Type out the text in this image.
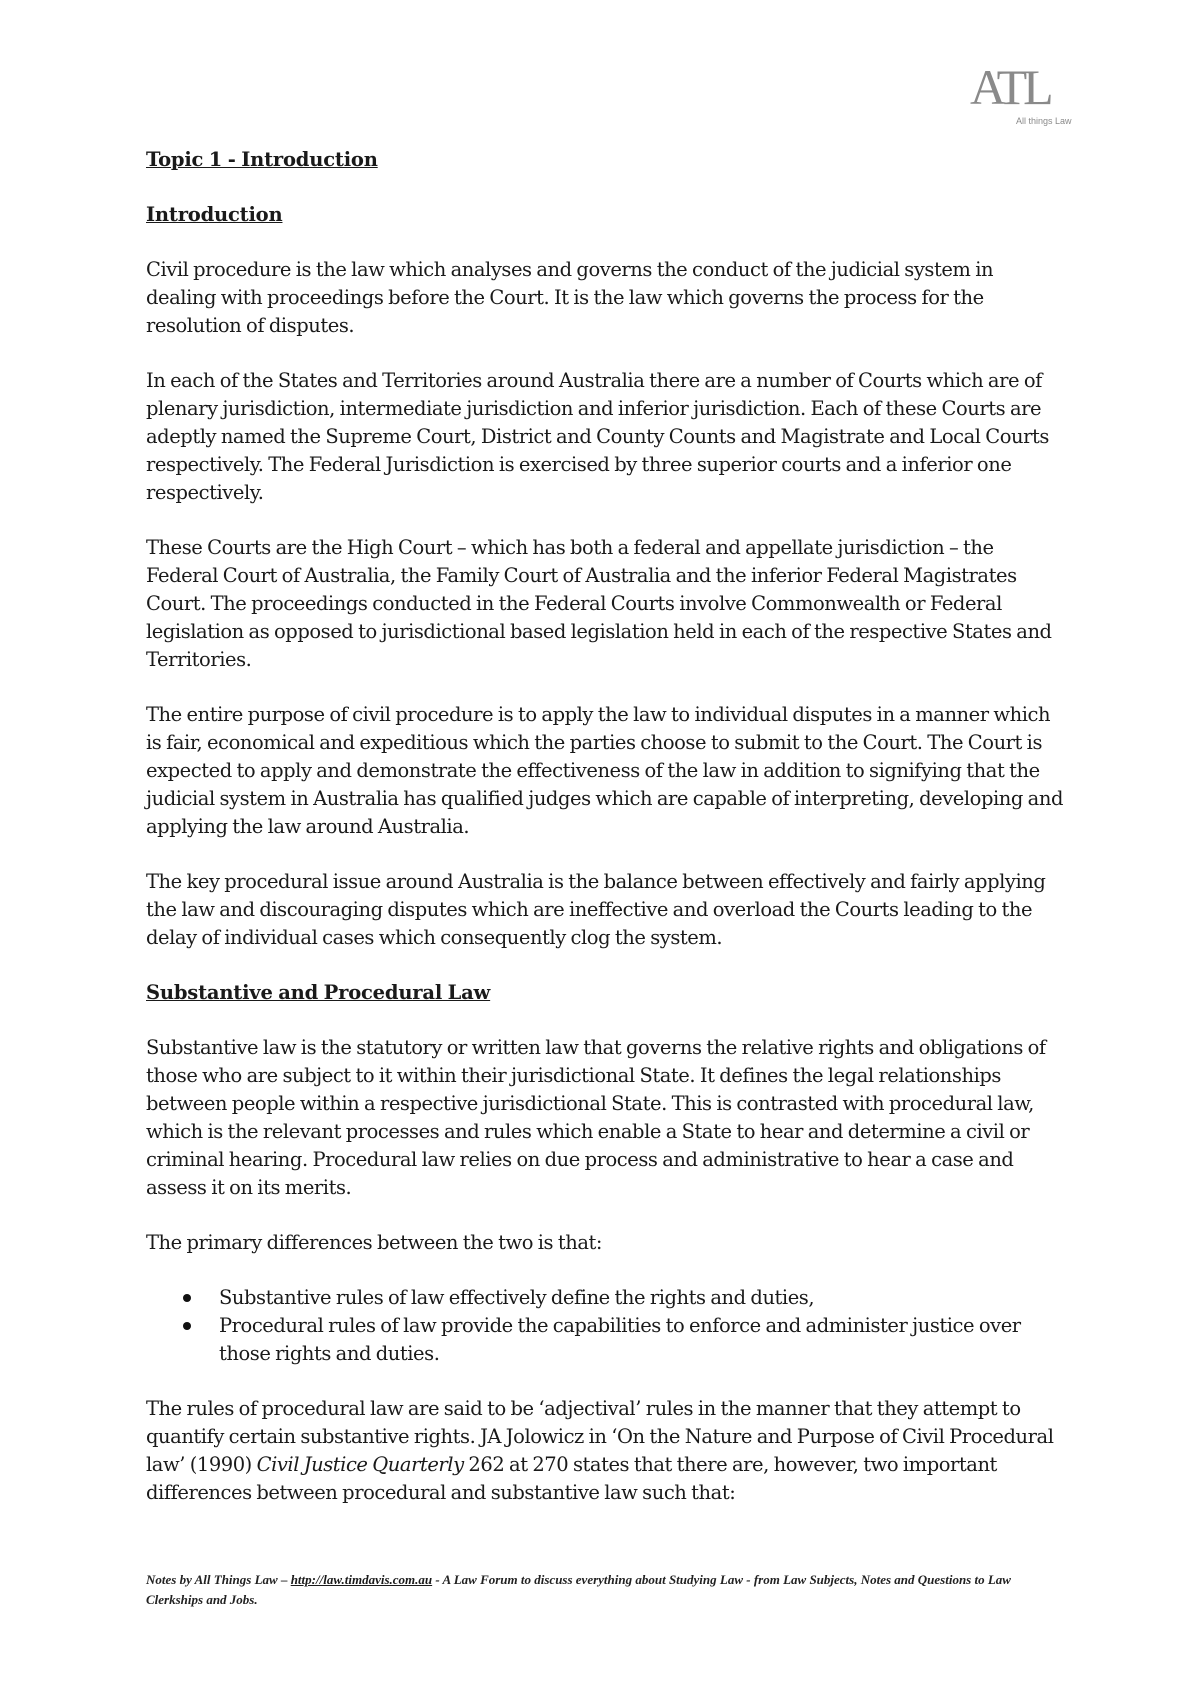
ATL
All things Law
Topic 1 - Introduction
Introduction

Civil procedure is the law which analyses and governs the conduct of the judicial system in dealing with proceedings before the Court. It is the law which governs the process for the resolution of disputes.

In each of the States and Territories around Australia there are a number of Courts which are of plenary jurisdiction, intermediate jurisdiction and inferior jurisdiction. Each of these Courts are adeptly named the Supreme Court, District and County Counts and Magistrate and Local Courts respectively. The Federal Jurisdiction is exercised by three superior courts and a inferior one respectively.

These Courts are the High Court – which has both a federal and appellate jurisdiction – the Federal Court of Australia, the Family Court of Australia and the inferior Federal Magistrates Court. The proceedings conducted in the Federal Courts involve Commonwealth or Federal legislation as opposed to jurisdictional based legislation held in each of the respective States and Territories.

The entire purpose of civil procedure is to apply the law to individual disputes in a manner which is fair, economical and expeditious which the parties choose to submit to the Court. The Court is expected to apply and demonstrate the effectiveness of the law in addition to signifying that the judicial system in Australia has qualified judges which are capable of interpreting, developing and applying the law around Australia.

The key procedural issue around Australia is the balance between effectively and fairly applying the law and discouraging disputes which are ineffective and overload the Courts leading to the delay of individual cases which consequently clog the system.

Substantive and Procedural Law

Substantive law is the statutory or written law that governs the relative rights and obligations of those who are subject to it within their jurisdictional State. It defines the legal relationships between people within a respective jurisdictional State. This is contrasted with procedural law, which is the relevant processes and rules which enable a State to hear and determine a civil or criminal hearing. Procedural law relies on due process and administrative to hear a case and assess it on its merits.

The primary differences between the two is that:

Substantive rules of law effectively define the rights and duties,
Procedural rules of law provide the capabilities to enforce and administer justice over those rights and duties.

The rules of procedural law are said to be ‘adjectival’ rules in the manner that they attempt to quantify certain substantive rights. JA Jolowicz in ‘On the Nature and Purpose of Civil Procedural law’ (1990) Civil Justice Quarterly 262 at 270 states that there are, however, two important differences between procedural and substantive law such that:

Notes by All Things Law – http://law.timdavis.com.au - A Law Forum to discuss everything about Studying Law - from Law Subjects, Notes and Questions to Law Clerkships and Jobs.
